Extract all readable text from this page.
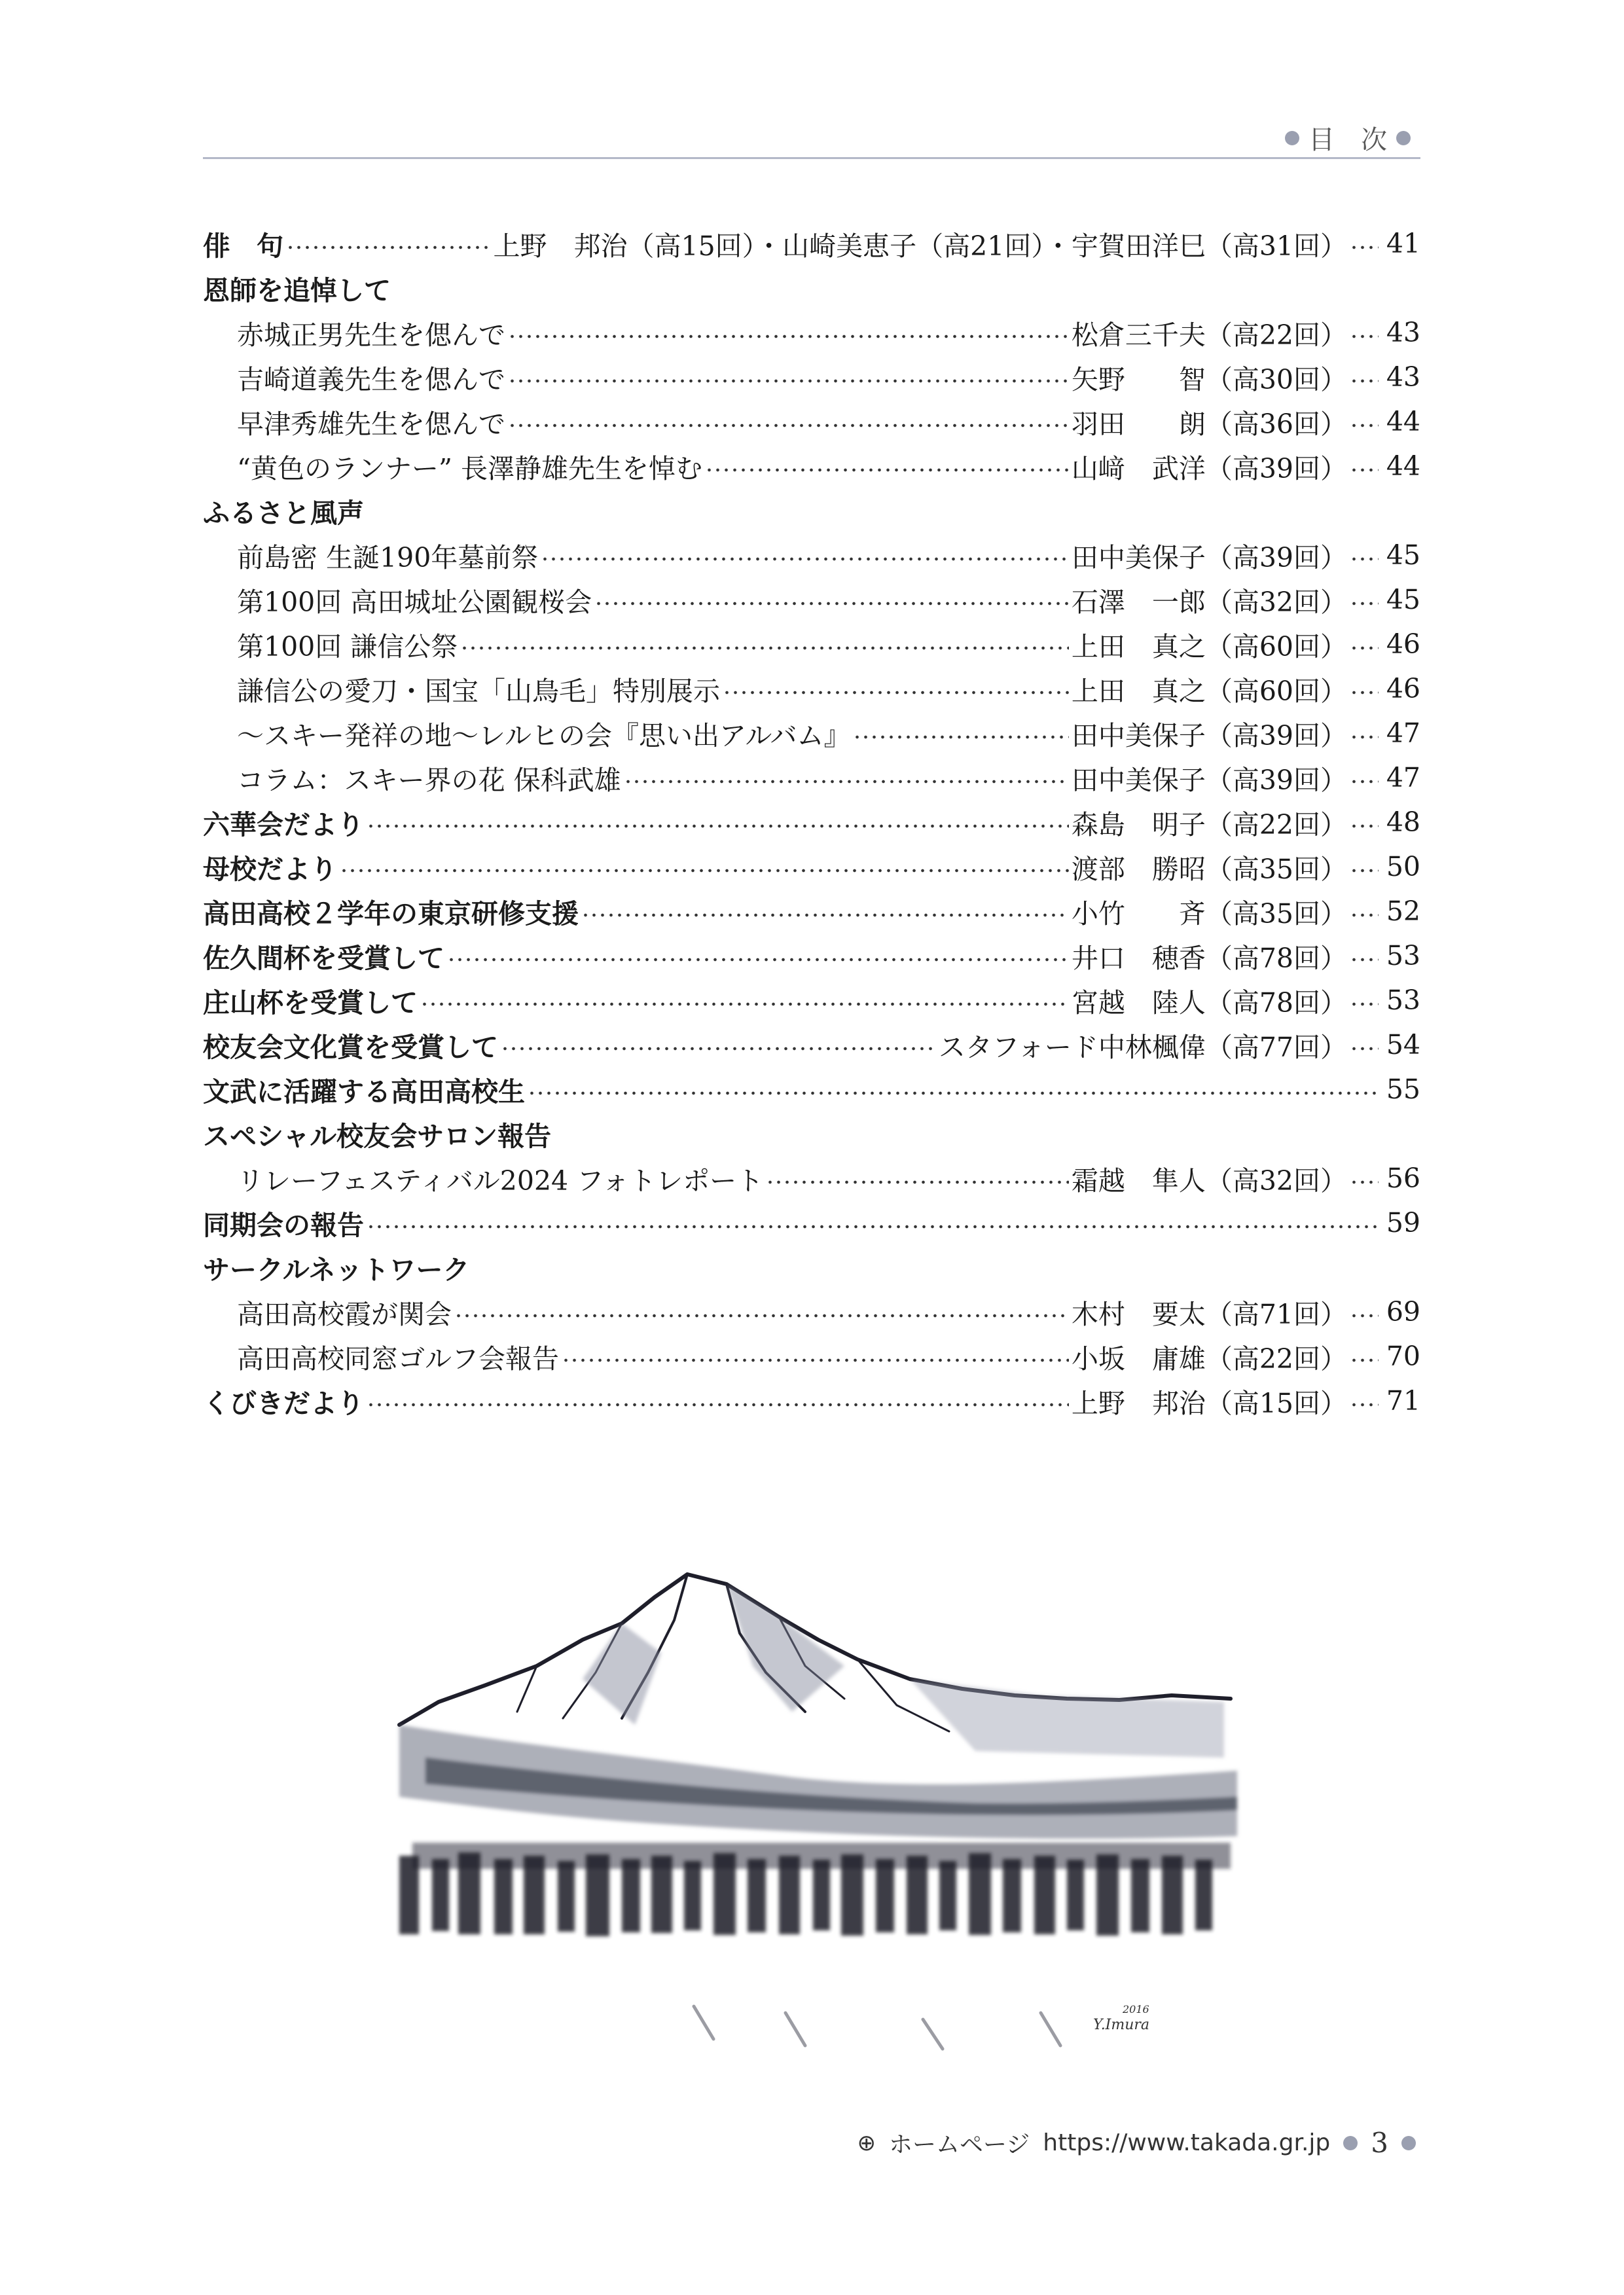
目　次
俳　句	上野　邦治（高15回）・山崎美恵子（高21回）・宇賀田洋巳（高31回） 41
恩師を追悼して
赤城正男先生を偲んで	松倉三千夫（高22回） 43
吉崎道義先生を偲んで	矢野　　智（高30回） 43
早津秀雄先生を偲んで	羽田　　朗（高36回） 44
“黄色のランナー” 長澤静雄先生を悼む	山﨑　武洋（高39回） 44
ふるさと風声
前島密 生誕190年墓前祭	田中美保子（高39回） 45
第100回 高田城址公園観桜会	石澤　一郎（高32回） 45
第100回 謙信公祭	上田　真之（高60回） 46
謙信公の愛刀・国宝「山鳥毛」特別展示	上田　真之（高60回） 46
～スキー発祥の地～レルヒの会『思い出アルバム』	田中美保子（高39回） 47
コラム：スキー界の花 保科武雄	田中美保子（高39回） 47
六華会だより	森島　明子（高22回） 48
母校だより	渡部　勝昭（高35回） 50
高田高校２学年の東京研修支援	小竹　　斉（高35回） 52
佐久間杯を受賞して	井口　穂香（高78回） 53
庄山杯を受賞して	宮越　陸人（高78回） 53
校友会文化賞を受賞して	スタフォード中林楓偉（高77回） 54
文武に活躍する高田高校生	55
スペシャル校友会サロン報告
リレーフェスティバル2024 フォトレポート	霜越　隼人（高32回） 56
同期会の報告	59
サークルネットワーク
高田高校霞が関会	木村　要太（高71回） 69
高田高校同窓ゴルフ会報告	小坂　庸雄（高22回） 70
くびきだより	上野　邦治（高15回） 71
2016
Y.Imura
⊕ ホームページ https://www.takada.gr.jp 3
